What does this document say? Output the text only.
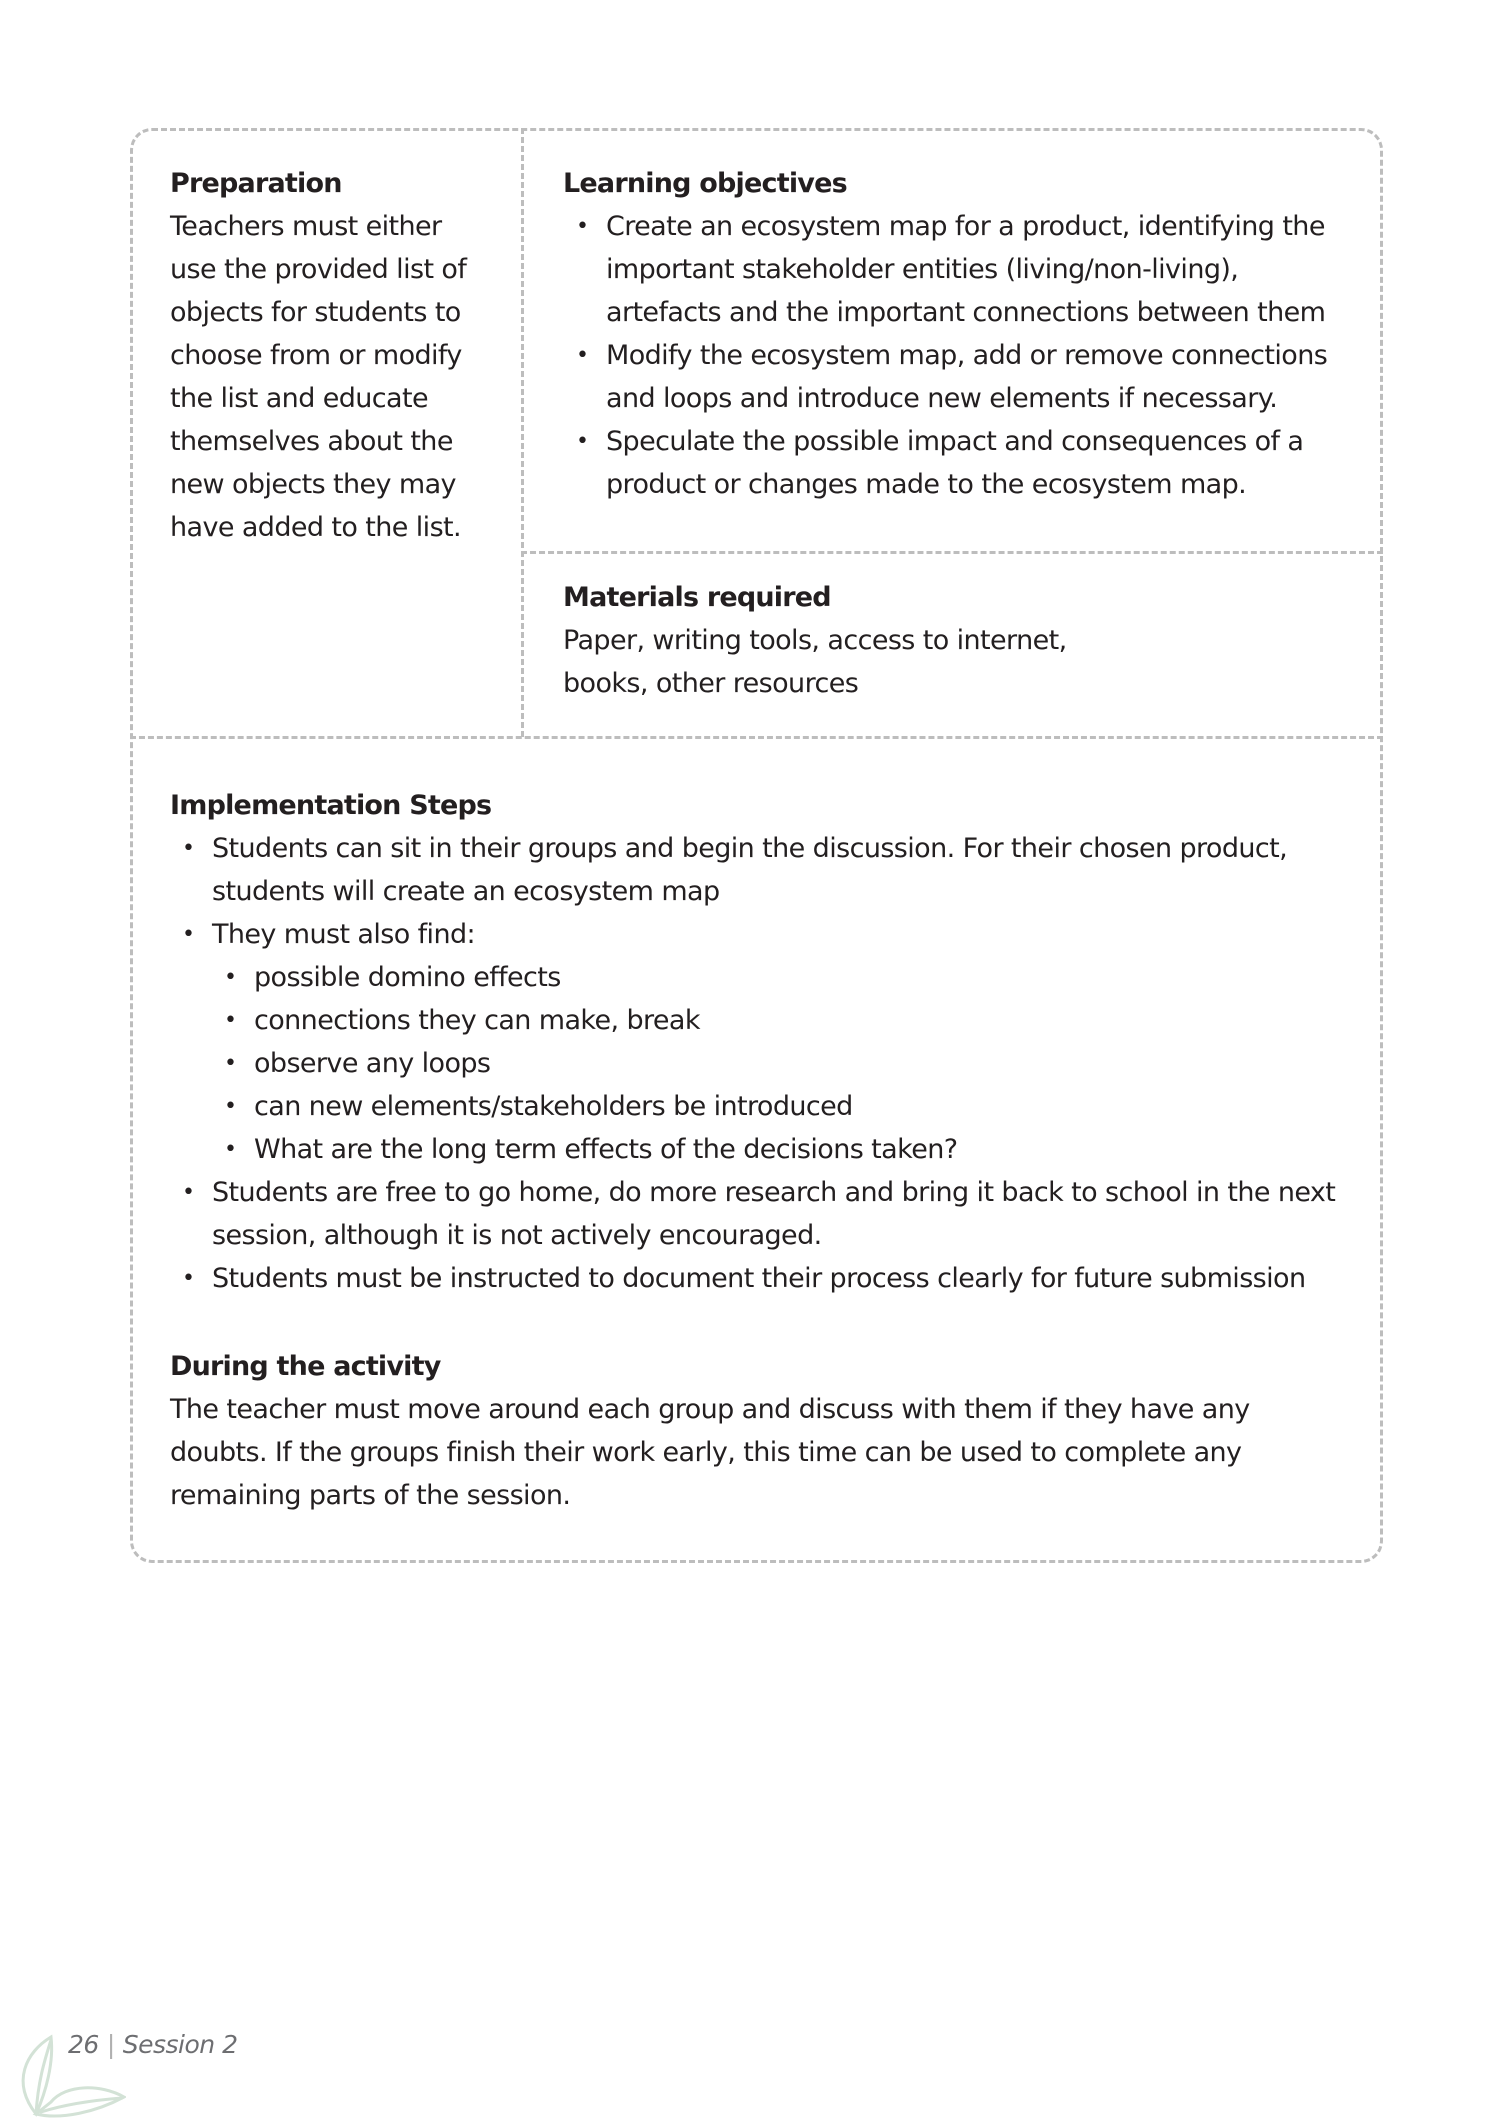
Preparation

Teachers must either

use the provided list of

objects for students to

choose from or modify

the list and educate

themselves about the

new objects they may

have added to the list.

Learning objectives
• Create an ecosystem map for a product, identifying the important stakeholder entities (living/non-living), artefacts and the important connections between them
• Modify the ecosystem map, add or remove connections and loops and introduce new elements if necessary.
• Speculate the possible impact and consequences of a product or changes made to the ecosystem map.
Materials required

Paper, writing tools, access to internet, books, other resources

Implementation Steps
• Students can sit in their groups and begin the discussion. For their chosen product, students will create an ecosystem map
• They must also find:
• possible domino effects
• connections they can make, break
• observe any loops
• can new elements/stakeholders be introduced
• What are the long term effects of the decisions taken?
• Students are free to go home, do more research and bring it back to school in the next session, although it is not actively encouraged.
• Students must be instructed to document their process clearly for future submission
During the activity

The teacher must move around each group and discuss with them if they have any doubts. If the groups finish their work early, this time can be used to complete any remaining parts of the session.

26 | Session 2
